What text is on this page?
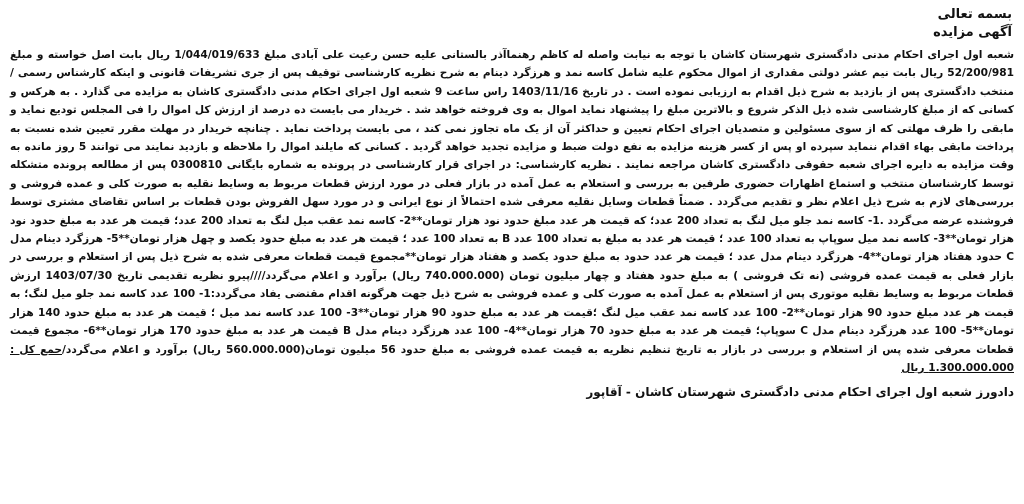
بسمه تعالی
آگهی مزایده

شعبه اول اجرای احکام مدنی دادگستری شهرستان کاشان با توجه به نیابت واصله له کاظم رهنماآذر بالستانی علیه حسن رعیت علی آبادی مبلغ 1/044/019/633 ریال بابت اصل خواسته و مبلغ 52/200/981 ریال بابت نیم عشر دولتی مقداری از اموال محکوم علیه شامل کاسه نمد و هرزگرد دینام به شرح نظریه کارشناسی توقیف پس از جری تشریفات قانونی و اینکه کارشناس رسمی / منتخب دادگستری پس از بازدید به شرح ذیل اقدام به ارزیابی نموده است . در تاریخ 1403/11/16 راس ساعت 9 شعبه اول اجرای احکام مدنی دادگستری کاشان به مزایده می گذارد . به هرکس و کسانی که از مبلغ کارشناسی شده ذیل الذکر شروع و بالاترین مبلغ را پیشنهاد نماید اموال به وی فروخته خواهد شد . خریدار می بایست ده درصد از ارزش کل اموال را فی المجلس تودیع نماید و مابقی را ظرف مهلتی که از سوی مسئولین و متصدیان اجرای احکام تعیین و حداکثر آن از یک ماه تجاوز نمی کند ، می بایست پرداخت نماید . چنانچه خریدار در مهلت مقرر تعیین شده نسبت به پرداخت مابقی بهاء اقدام ننماید سپرده او پس از کسر هزینه مزایده به نفع دولت ضبط و مزایده تجدید خواهد گردید . کسانی که مایلند اموال را ملاحظه و بازدید نمایند می توانند 5 روز مانده به وقت مزایده به دایره اجرای شعبه حقوقی دادگستری کاشان مراجعه نمایند . نظریه کارشناسی: در اجرای قرار کارشناسی در پرونده به شماره بایگانی 0300810 پس از مطالعه پرونده متشکله توسط کارشناسان منتخب و استماع اظهارات حضوری طرفین به بررسی و استعلام به عمل آمده در بازار فعلی در مورد ارزش قطعات مربوط به وسایط نقلیه به صورت کلی و عمده فروشی و بررسی‌های لازم به شرح ذیل اعلام نظر و تقدیم می‌گردد . ضمناً قطعات وسایل نقلیه معرفی شده احتمالاً از نوع ایرانی و در مورد سهل الفروش بودن قطعات بر اساس تقاضای مشتری توسط فروشنده عرضه می‌گردد .1- کاسه نمد جلو میل لنگ به تعداد 200 عدد؛ که قیمت هر عدد مبلغ حدود نود هزار تومان**2- کاسه نمد عقب میل لنگ به تعداد 200 عدد؛ قیمت هر عدد به مبلغ حدود نود هزار تومان**3- کاسه نمد میل سوپاپ به تعداد 100 عدد ؛ قیمت هر عدد به مبلغ به تعداد 100 عدد B به تعداد 100 عدد ؛ قیمت هر عدد به مبلغ حدود یکصد و چهل هزار تومان**5- هرزگرد دینام مدل C حدود هفتاد هزار تومان**4- هرزگرد دینام مدل عدد ؛ قیمت هر عدد حدود به مبلغ حدود یکصد و هفتاد هزار تومان**مجموع قیمت قطعات معرفی شده به شرح ذیل پس از استعلام و بررسی در بازار فعلی به قیمت عمده فروشی (نه تک فروشی ) به مبلغ حدود هفتاد و چهار میلیون تومان (740.000.000 ریال) برآورد و اعلام می‌گردد////پیرو نظریه تقدیمی تاریخ 1403/07/30 ارزش قطعات مربوط به وسایط نقلیه موتوری پس از استعلام به عمل آمده به صورت کلی و عمده فروشی به شرح ذیل جهت هرگونه اقدام مقتضی یفاد می‌گردد:1- 100 عدد کاسه نمد جلو میل لنگ؛ به قیمت هر عدد مبلغ حدود 90 هزار تومان**2- 100 عدد کاسه نمد عقب میل لنگ ؛قیمت هر عدد به مبلغ حدود 90 هزار تومان**3- 100 عدد کاسه نمد میل ؛ قیمت هر عدد به مبلغ حدود 140 هزار تومان**5- 100 عدد هرزگرد دینام مدل C سوپاپ؛ قیمت هر عدد به مبلغ حدود 70 هزار تومان**4- 100 عدد هرزگرد دینام مدل B قیمت هر عدد به مبلغ حدود 170 هزار تومان**6- مجموع قیمت قطعات معرفی شده پس از استعلام و بررسی در بازار به تاریخ تنظیم نظریه به قیمت عمده فروشی به مبلغ حدود 56 میلیون تومان(560.000.000 ریال) برآورد و اعلام می‌گردد/جمع کل : 1.300.000.000 ریال

دادورز شعبه اول اجرای احکام مدنی دادگستری شهرستان کاشان - آقاپور
